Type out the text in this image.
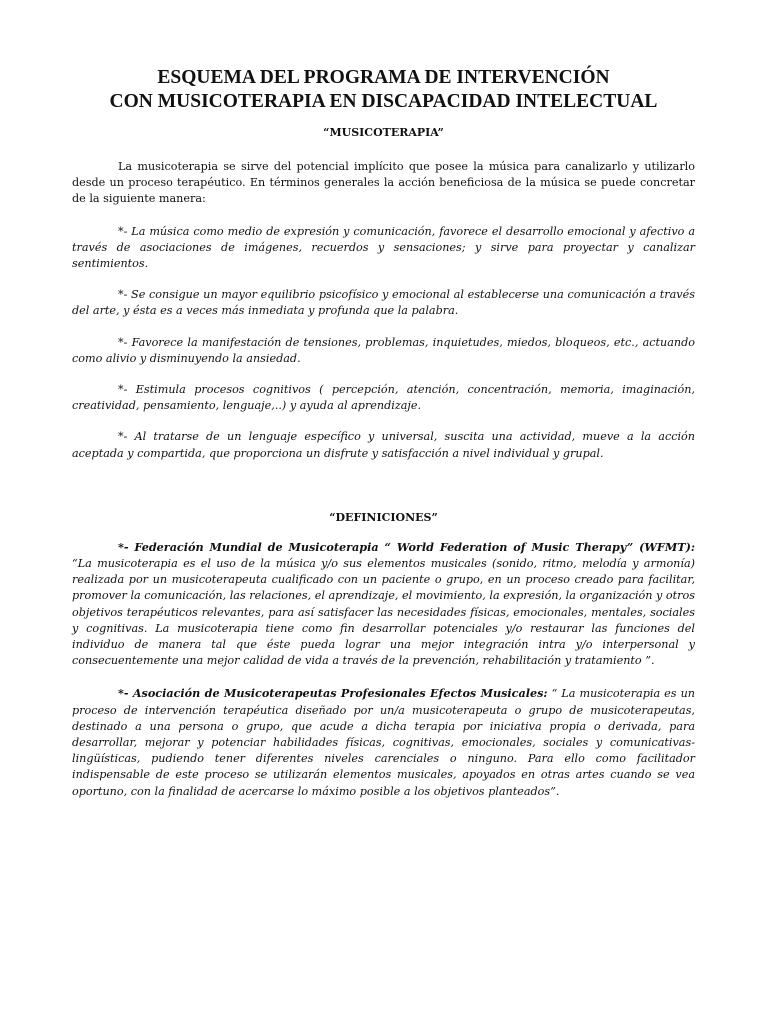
ESQUEMA DEL PROGRAMA DE INTERVENCIÓN
CON MUSICOTERAPIA EN DISCAPACIDAD INTELECTUAL

“MUSICOTERAPIA”

La musicoterapia se sirve del potencial implícito que posee la música para canalizarlo y utilizarlo desde un proceso terapéutico. En términos generales la acción beneficiosa de la música se puede concretar de la siguiente manera:

*- La música como medio de expresión y comunicación, favorece el desarrollo emocional y afectivo a través de asociaciones de imágenes, recuerdos y sensaciones; y sirve para proyectar y canalizar sentimientos.

*- Se consigue un mayor equilibrio psicofísico y emocional al establecerse una comunicación a través del arte, y ésta es a veces más inmediata y profunda que la palabra.

*- Favorece la manifestación de tensiones, problemas, inquietudes, miedos, bloqueos, etc., actuando como alivio y disminuyendo la ansiedad.

*- Estimula procesos cognitivos ( percepción, atención, concentración, memoria, imaginación, creatividad, pensamiento, lenguaje,..) y ayuda al aprendizaje.

*- Al tratarse de un lenguaje específico y universal, suscita una actividad, mueve a la acción aceptada y compartida, que proporciona un disfrute y satisfacción a nivel individual y grupal.

“DEFINICIONES”

*- Federación Mundial de Musicoterapia “ World Federation of Music Therapy” (WFMT): “La musicoterapia es el uso de la música y/o sus elementos musicales (sonido, ritmo, melodía y armonía) realizada por un musicoterapeuta cualificado con un paciente o grupo, en un proceso creado para facilitar, promover la comunicación, las relaciones, el aprendizaje, el movimiento, la expresión, la organización y otros objetivos terapéuticos relevantes, para así satisfacer las necesidades físicas, emocionales, mentales, sociales y cognitivas. La musicoterapia tiene como fin desarrollar potenciales y/o restaurar las funciones del individuo de manera tal que éste pueda lograr una mejor integración intra y/o interpersonal y consecuentemente una mejor calidad de vida a través de la prevención, rehabilitación y tratamiento ”.

*- Asociación de Musicoterapeutas Profesionales Efectos Musicales: “ La musicoterapia es un proceso de intervención terapéutica diseñado por un/a musicoterapeuta o grupo de musicoterapeutas, destinado a una persona o grupo, que acude a dicha terapia por iniciativa propia o derivada, para desarrollar, mejorar y potenciar habilidades físicas, cognitivas, emocionales, sociales y comunicativas-lingüísticas, pudiendo tener diferentes niveles carenciales o ninguno. Para ello como facilitador indispensable de este proceso se utilizarán elementos musicales, apoyados en otras artes cuando se vea oportuno, con la finalidad de acercarse lo máximo posible a los objetivos planteados”.
